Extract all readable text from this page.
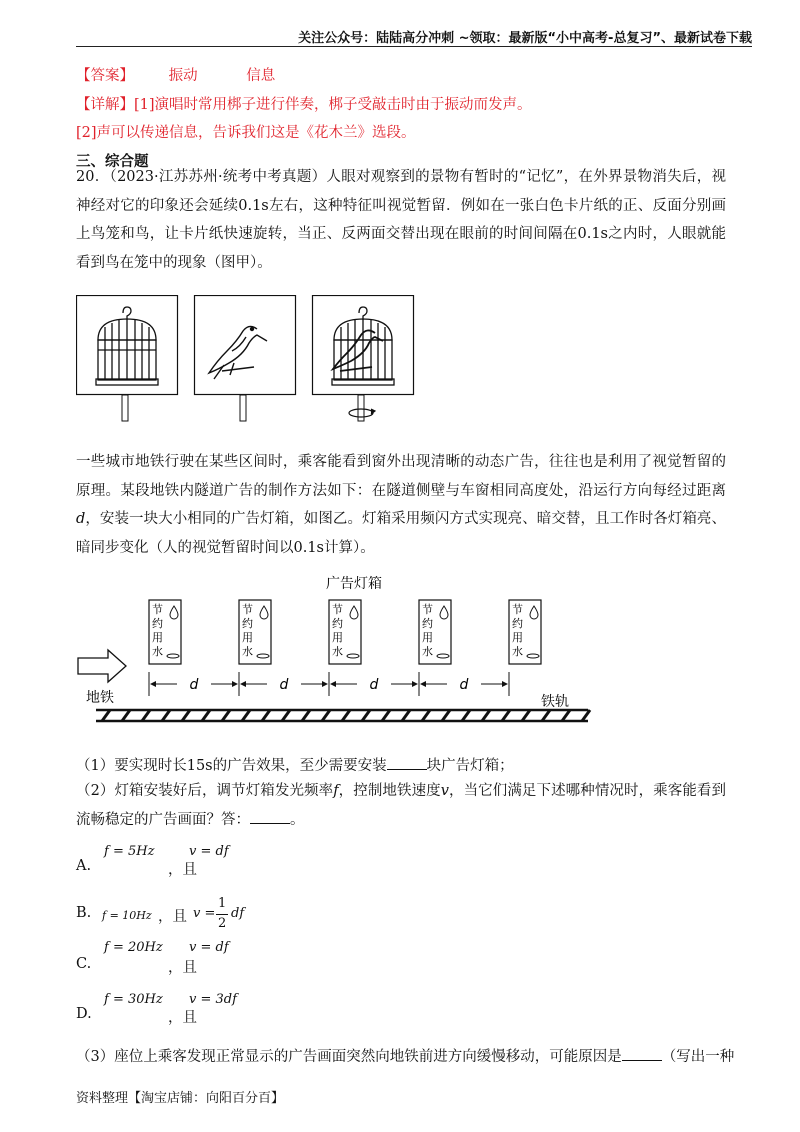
关注公众号：陆陆高分冲刺 ~领取：最新版“小中高考-总复习”、最新试卷下载
【答案】 振动	信息
【详解】[1]演唱时常用梆子进行伴奏，梆子受敲击时由于振动而发声。
[2]声可以传递信息，告诉我们这是《花木兰》选段。
三、综合题
20．（2023·江苏苏州·统考中考真题）人眼对观察到的景物有暂时的“记忆”，在外界景物消失后，视神经对它的印象还会延续0.1s左右，这种特征叫视觉暂留．例如在一张白色卡片纸的正、反面分别画上鸟笼和鸟，让卡片纸快速旋转，当正、反两面交替出现在眼前的时间间隔在0.1s之内时，人眼就能看到鸟在笼中的现象（图甲）。
一些城市地铁行驶在某些区间时，乘客能看到窗外出现清晰的动态广告，往往也是利用了视觉暂留的原理。某段地铁内隧道广告的制作方法如下：在隧道侧壁与车窗相同高度处，沿运行方向每经过距离d，安装一块大小相同的广告灯箱，如图乙。灯箱采用频闪方式实现亮、暗交替，且工作时各灯箱亮、暗同步变化（人的视觉暂留时间以0.1s计算）。
广告灯箱
节
约
用
水
节
约
用
水
节
约
用
水
节
约
用
水
节
约
用
水
地铁	铁轨
d	d	d	d
（1）要实现时长15s的广告效果，至少需要安装	块广告灯箱；
（2）灯箱安装好后，调节灯箱发光频率f，控制地铁速度v，当它们满足下述哪种情况时，乘客能看到流畅稳定的广告画面？答：	。
f = 5Hz	v = df
A.	，且
B. f = 10Hz ，且 v =
1
2
df
f = 20Hz v = df
C.	，且
f = 30Hz v = 3df
D.	，且
（3）座位上乘客发现正常显示的广告画面突然向地铁前进方向缓慢移动，可能原因是	（写出一种
资料整理【淘宝店铺：向阳百分百】
